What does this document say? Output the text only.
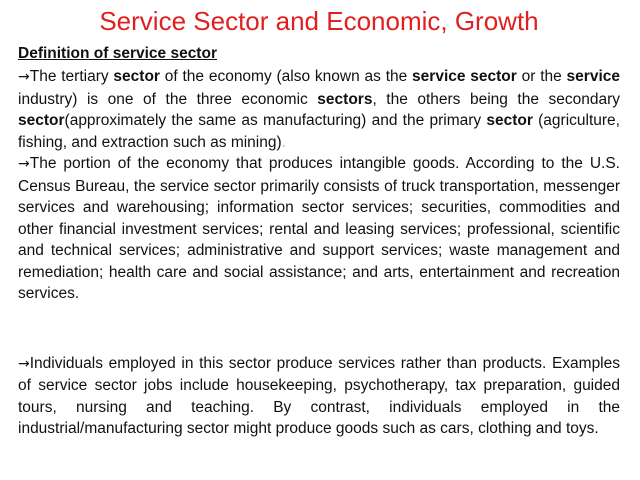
Service Sector and Economic, Growth
Definition of service sector

→The tertiary sector of the economy (also known as the service sector or the service industry) is one of the three economic sectors, the others being the secondary sector(approximately the same as manufacturing) and the primary sector (agriculture, fishing, and extraction such as mining).

→The portion of the economy that produces intangible goods. According to the U.S. Census Bureau, the service sector primarily consists of truck transportation, messenger services and warehousing; information sector services; securities, commodities and other financial investment services; rental and leasing services; professional, scientific and technical services; administrative and support services; waste management and remediation; health care and social assistance; and arts, entertainment and recreation services.

→Individuals employed in this sector produce services rather than products. Examples of service sector jobs include housekeeping, psychotherapy, tax preparation, guided tours, nursing and teaching. By contrast, individuals employed in the industrial/manufacturing sector might produce goods such as cars, clothing and toys.
